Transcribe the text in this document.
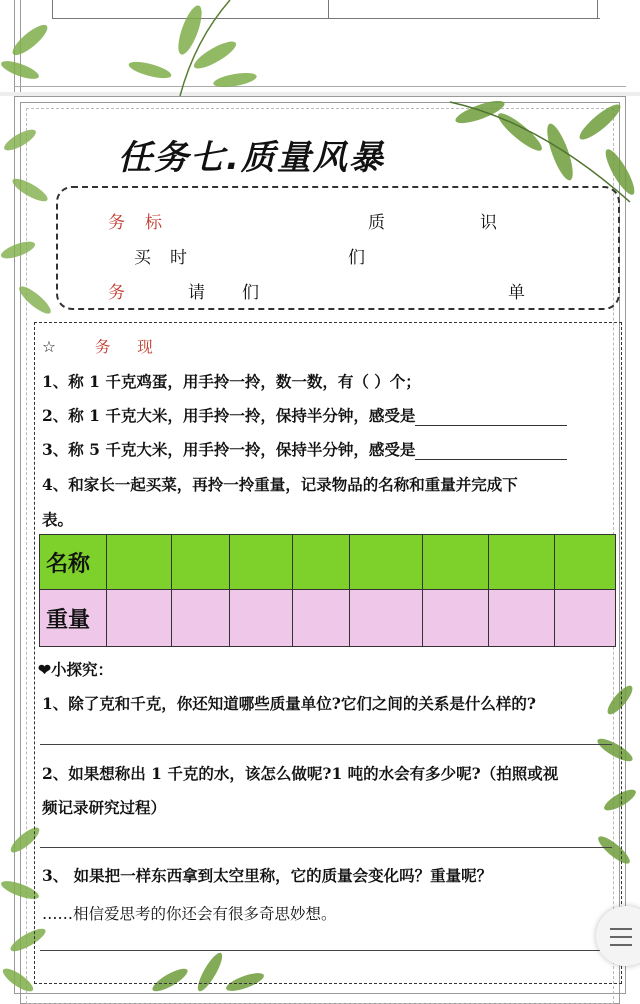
任务七.质量风暴
务 标	质	识
买 时	们
务	请 们	单
☆	务 现
1、称 1 千克鸡蛋，用手拎一拎，数一数，有（ ）个；
2、称 1 千克大米，用手拎一拎，保持半分钟，感受是
3、称 5 千克大米，用手拎一拎，保持半分钟，感受是
4、和家长一起买菜，再拎一拎重量，记录物品的名称和重量并完成下
表。
名称								
重量								
❤小探究：
1、除了克和千克，你还知道哪些质量单位?它们之间的关系是什么样的?
2、如果想称出 1 千克的水，该怎么做呢?1 吨的水会有多少呢?（拍照或视
频记录研究过程）
3、 如果把一样东西拿到太空里称，它的质量会变化吗？重量呢？
……相信爱思考的你还会有很多奇思妙想。
